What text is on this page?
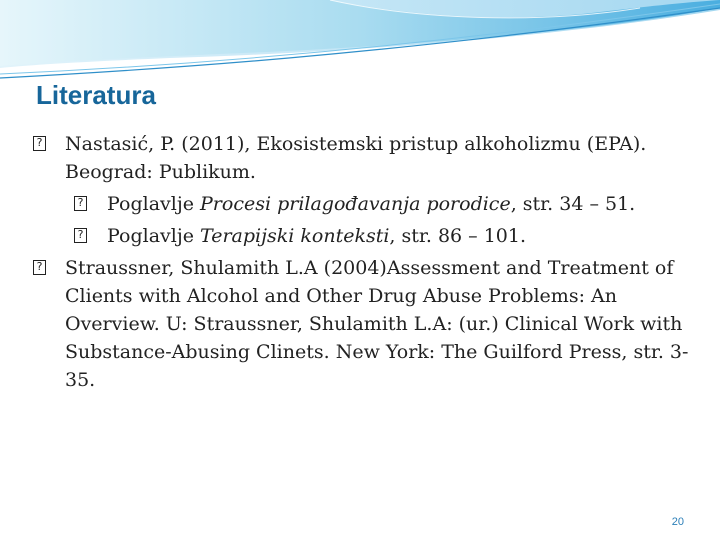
Literatura
? Nastasić, P. (2011), Ekosistemski pristup alkoholizmu (EPA). Beograd: Publikum.
? Poglavlje Procesi prilagođavanja porodice, str. 34 – 51.
? Poglavlje Terapijski konteksti, str. 86 – 101.
? Straussner, Shulamith L.A (2004)Assessment and Treatment of Clients with Alcohol and Other Drug Abuse Problems: An Overview. U: Straussner, Shulamith L.A: (ur.) Clinical Work with Substance-Abusing Clinets. New York: The Guilford Press, str. 3-35.
20
